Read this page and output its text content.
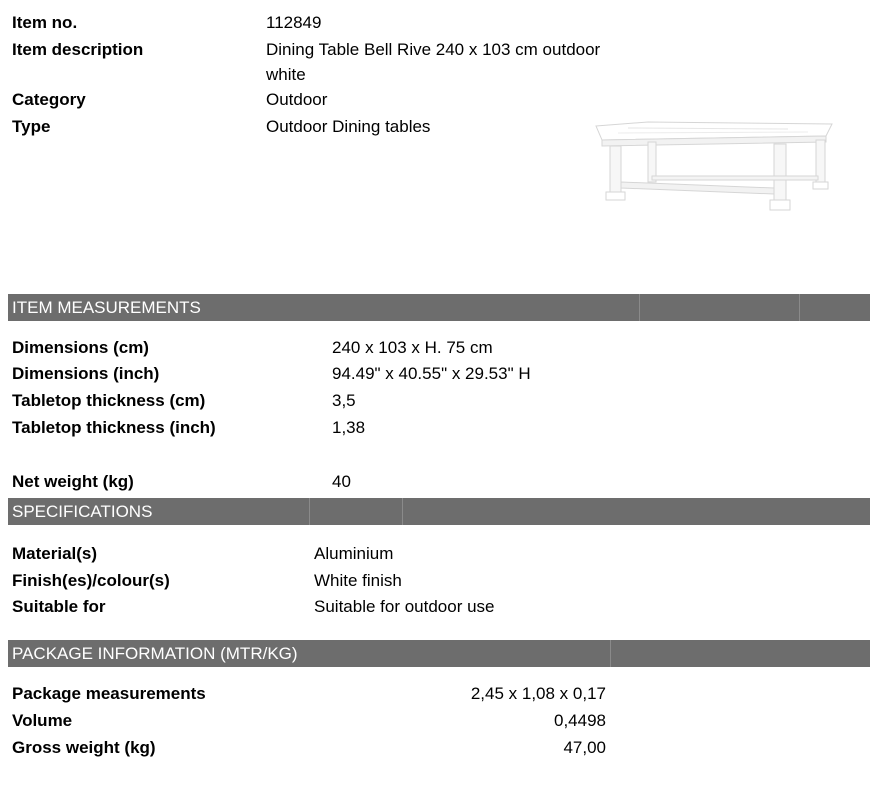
Item no.	112849
Item description	Dining Table Bell Rive 240 x 103 cm outdoor
white
Category	Outdoor
Type	Outdoor Dining tables
ITEM MEASUREMENTS
Dimensions (cm)	240 x 103 x H. 75 cm
Dimensions (inch)	94.49" x 40.55" x 29.53" H
Tabletop thickness (cm)	3,5
Tabletop thickness (inch)	1,38
Net weight (kg)	40
SPECIFICATIONS
Material(s)	Aluminium
Finish(es)/colour(s)	White finish
Suitable for	Suitable for outdoor use
PACKAGE INFORMATION (MTR/KG)
Package measurements	2,45 x 1,08 x 0,17
Volume	0,4498
Gross weight (kg)	47,00
